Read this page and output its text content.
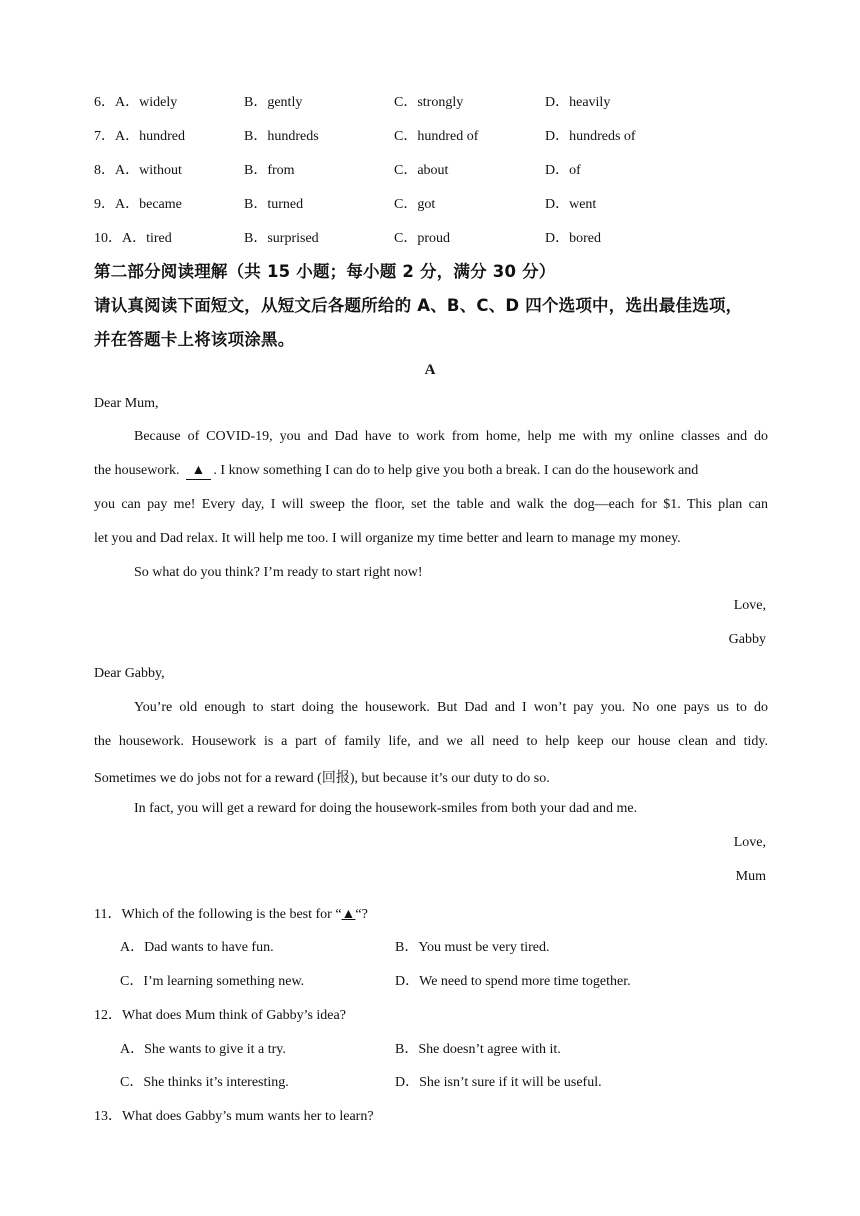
6．A．widely	B．gently	C．strongly	D．heavily
7．A．hundred	B．hundreds	C．hundred of	D．hundreds of
8．A．without	B．from	C．about	D．of
9．A．became	B．turned	C．got	D．went
10．A．tired	B．surprised	C．proud	D．bored
第二部分阅读理解（共 15 小题；每小题 2 分，满分 30 分）
请认真阅读下面短文，从短文后各题所给的 A、B、C、D 四个选项中，选出最佳选项，
并在答题卡上将该项涂黑。
A
Dear Mum,
Because of COVID-19, you and Dad have to work from home, help me with my online classes and do
the housework. ▲ . I know something I can do to help give you both a break. I can do the housework and
you can pay me! Every day, I will sweep the floor, set the table and walk the dog—each for $1. This plan can
let you and Dad relax. It will help me too. I will organize my time better and learn to manage my money.
So what do you think? I’m ready to start right now!
Love,
Gabby
Dear Gabby,
You’re old enough to start doing the housework. But Dad and I won’t pay you. No one pays us to do
the housework. Housework is a part of family life, and we all need to help keep our house clean and tidy.
Sometimes we do jobs not for a reward (回报), but because it’s our duty to do so.
In fact, you will get a reward for doing the housework-smiles from both your dad and me.
Love,
Mum
11．Which of the following is the best for “▲“?
A．Dad wants to have fun.	B．You must be very tired.
C．I’m learning something new.	D．We need to spend more time together.
12．What does Mum think of Gabby’s idea?
A．She wants to give it a try.	B．She doesn’t agree with it.
C．She thinks it’s interesting.	D．She isn’t sure if it will be useful.
13．What does Gabby’s mum wants her to learn?
